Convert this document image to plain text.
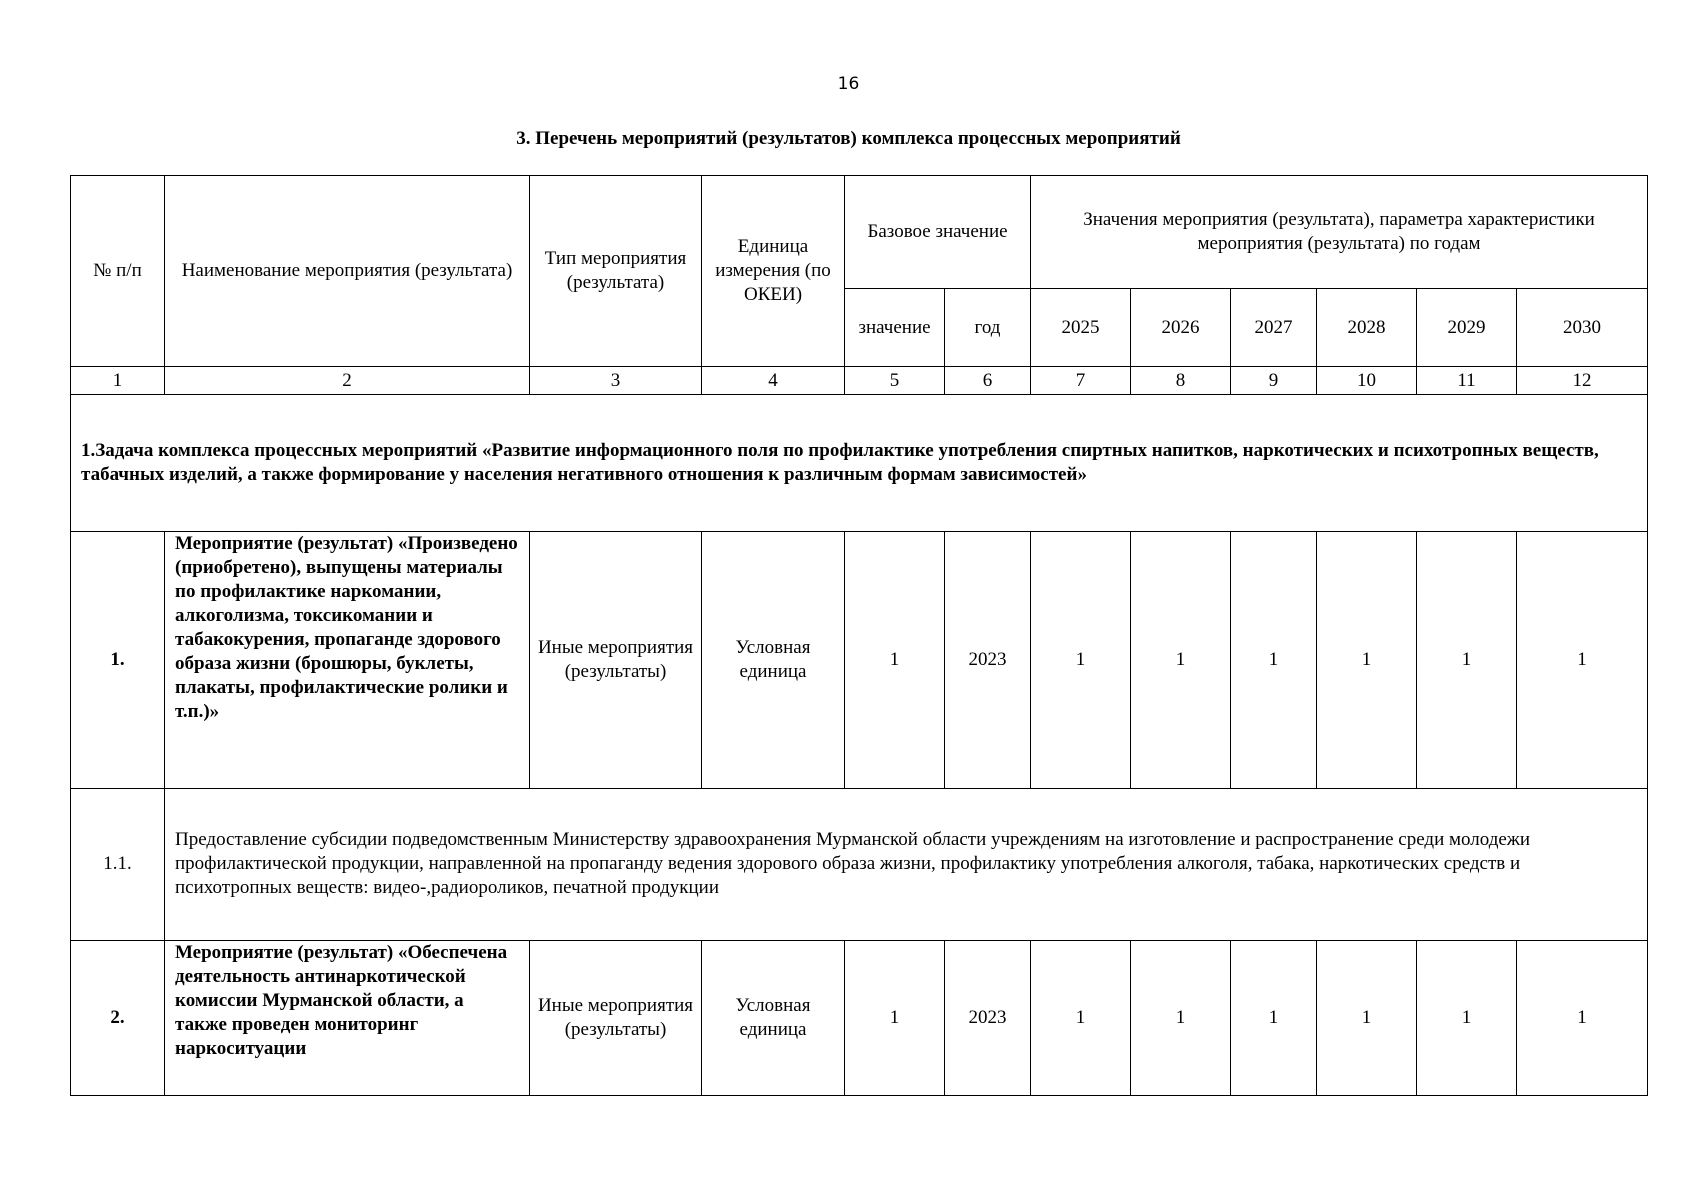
16
3. Перечень мероприятий (результатов) комплекса процессных мероприятий
№ п/п	Наименование мероприятия (результата)	Тип мероприятия (результата)	Единица измерения (по ОКЕИ)	Базовое значение		Значения мероприятия (результата), параметра характеристики мероприятия (результата) по годам					
				значение	год	2025	2026	2027	2028	2029	2030
1	2	3	4	5	6	7	8	9	10	11	12
1.Задача комплекса процессных мероприятий «Развитие информационного поля по профилактике употребления спиртных напитков, наркотических и психотропных веществ, табачных изделий, а также формирование у населения негативного отношения к различным формам зависимостей»											
1.	Мероприятие (результат) «Произведено (приобретено), выпущены материалы по профилактике наркомании, алкоголизма, токсикомании и табакокурения, пропаганде здорового образа жизни (брошюры, буклеты, плакаты, профилактические ролики и т.п.)»	Иные мероприятия (результаты)	Условная единица	1	2023	1	1	1	1	1	1
1.1.	Предоставление субсидии подведомственным Министерству здравоохранения Мурманской области учреждениям на изготовление и распространение среди молодежи профилактической продукции, направленной на пропаганду ведения здорового образа жизни, профилактику употребления алкоголя, табака, наркотических средств и психотропных веществ: видео-,радиороликов, печатной продукции										
2.	Мероприятие (результат) «Обеспечена деятельность антинаркотической комиссии Мурманской области, а также проведен мониторинг наркоситуации	Иные мероприятия (результаты)	Условная единица	1	2023	1	1	1	1	1	1
